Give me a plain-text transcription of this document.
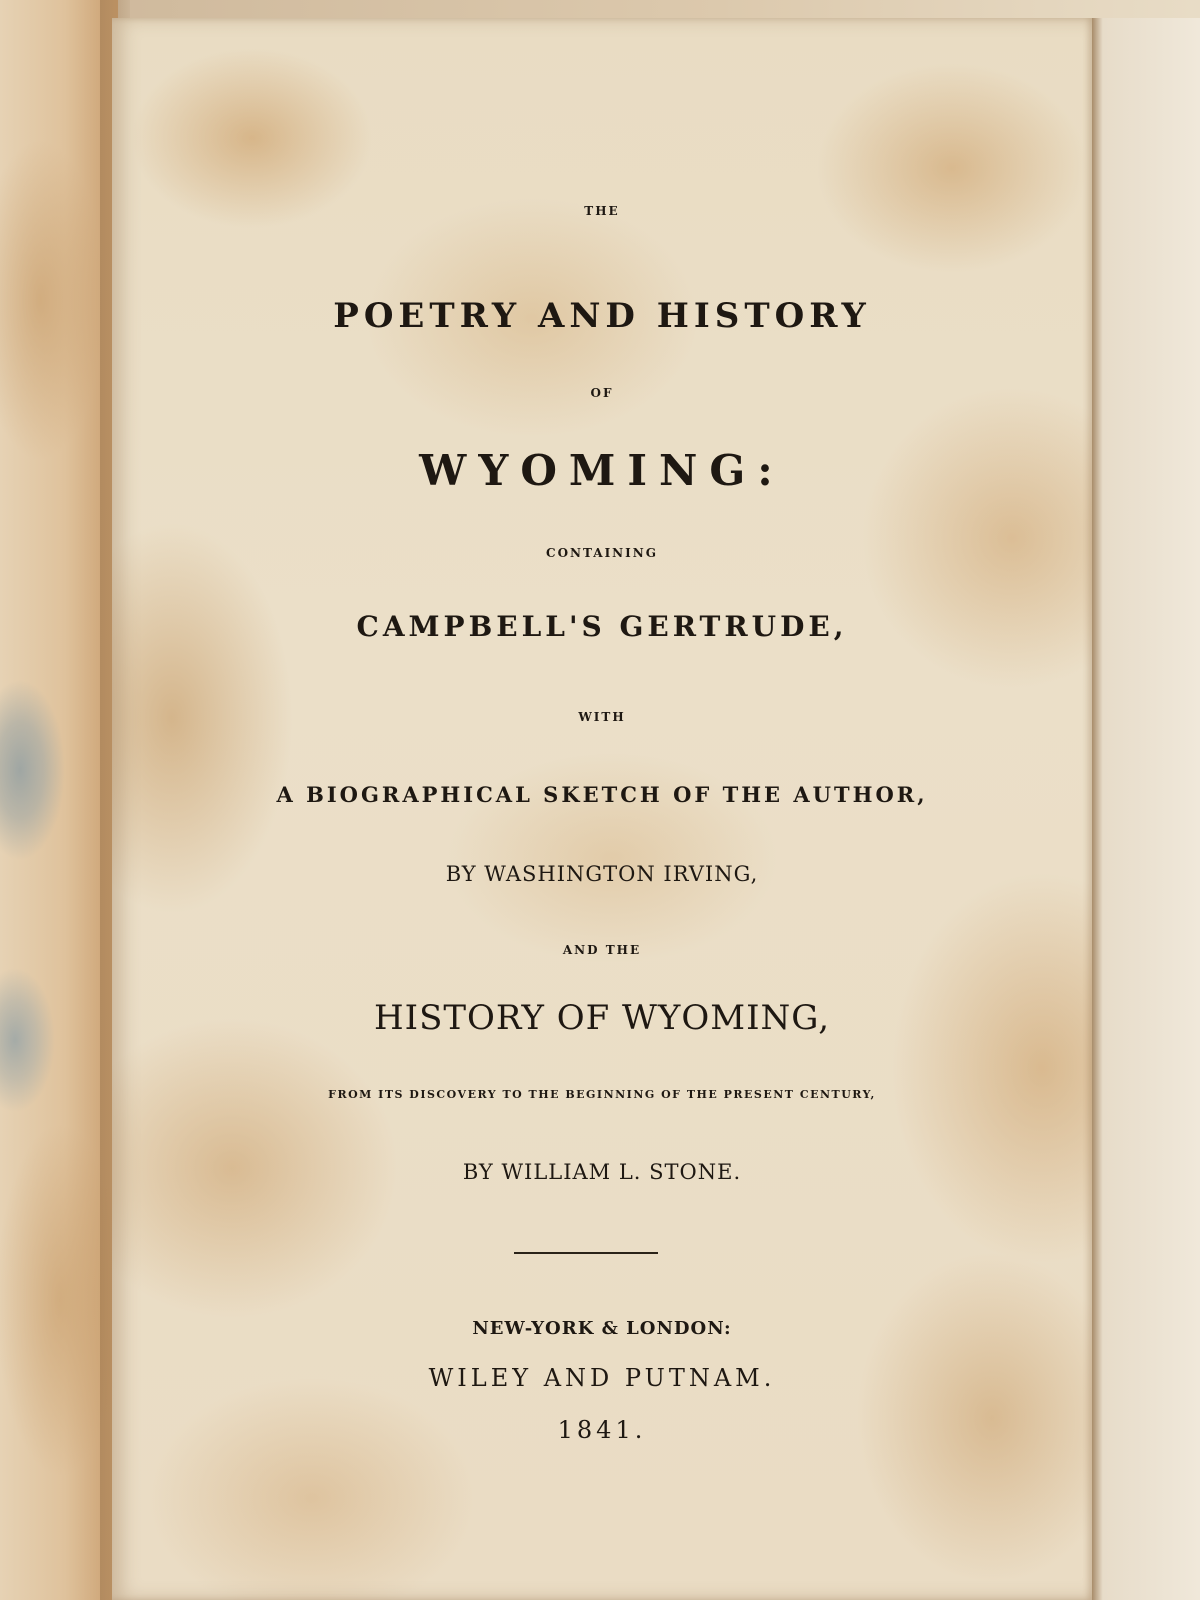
THE
POETRY AND HISTORY
OF
WYOMING:
CONTAINING
CAMPBELL'S GERTRUDE,
WITH
A BIOGRAPHICAL SKETCH OF THE AUTHOR,
BY WASHINGTON IRVING,
AND THE
HISTORY OF WYOMING,
FROM ITS DISCOVERY TO THE BEGINNING OF THE PRESENT CENTURY,
BY WILLIAM L. STONE.
NEW-YORK & LONDON:
WILEY AND PUTNAM.
1841.
